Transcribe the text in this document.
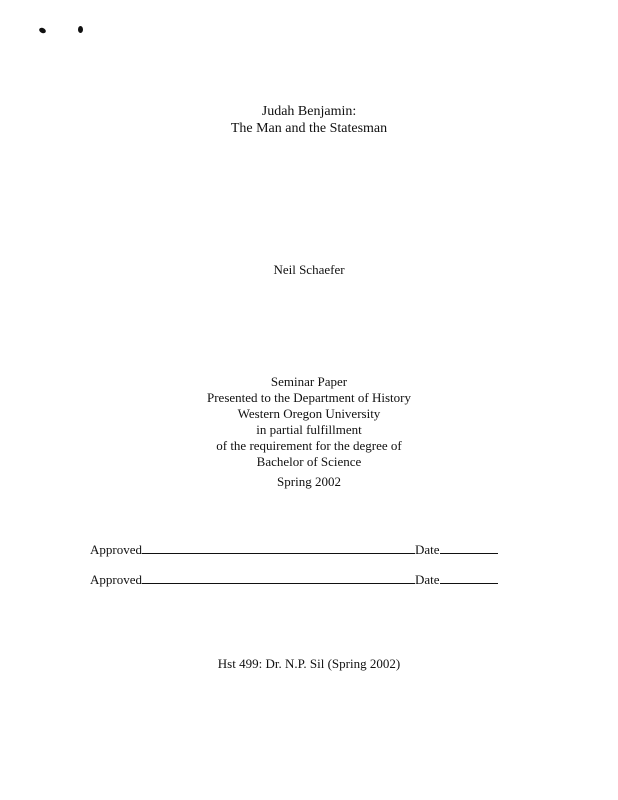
Judah Benjamin:
The Man and the Statesman
Neil Schaefer
Seminar Paper
Presented to the Department of History
Western Oregon University
in partial fulfillment
of the requirement for the degree of
Bachelor of Science
Spring 2002
Approved	Date
Approved	Date
Hst 499: Dr. N.P. Sil (Spring 2002)
